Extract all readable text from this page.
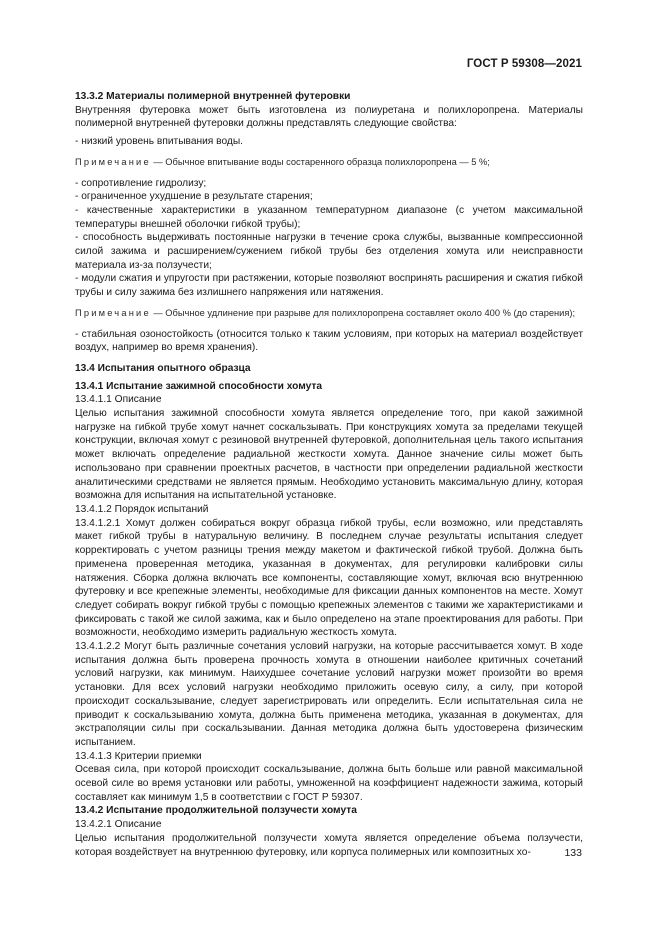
ГОСТ Р 59308—2021

13.3.2 Материалы полимерной внутренней футеровки

Внутренняя футеровка может быть изготовлена из полиуретана и полихлоропрена. Материалы полимерной внутренней футеровки должны представлять следующие свойства:

- низкий уровень впитывания воды.

Примечание — Обычное впитывание воды состаренного образца полихлоропрена — 5 %;

- сопротивление гидролизу;

- ограниченное ухудшение в результате старения;

- качественные характеристики в указанном температурном диапазоне (с учетом максимальной температуры внешней оболочки гибкой трубы);

- способность выдерживать постоянные нагрузки в течение срока службы, вызванные компрессионной силой зажима и расширением/сужением гибкой трубы без отделения хомута или неисправности материала из-за ползучести;

- модули сжатия и упругости при растяжении, которые позволяют воспринять расширения и сжатия гибкой трубы и силу зажима без излишнего напряжения или натяжения.

Примечание — Обычное удлинение при разрыве для полихлоропрена составляет около 400 % (до старения);

- стабильная озоностойкость (относится только к таким условиям, при которых на материал воздействует воздух, например во время хранения).

13.4 Испытания опытного образца

13.4.1 Испытание зажимной способности хомута

13.4.1.1 Описание

Целью испытания зажимной способности хомута является определение того, при какой зажимной нагрузке на гибкой трубе хомут начнет соскальзывать. При конструкциях хомута за пределами текущей конструкции, включая хомут с резиновой внутренней футеровкой, дополнительная цель такого испытания может включать определение радиальной жесткости хомута. Данное значение силы может быть использовано при сравнении проектных расчетов, в частности при определении радиальной жесткости аналитическими средствами не является прямым. Необходимо установить максимальную длину, которая возможна для испытания на испытательной установке.

13.4.1.2 Порядок испытаний

13.4.1.2.1 Хомут должен собираться вокруг образца гибкой трубы, если возможно, или представлять макет гибкой трубы в натуральную величину. В последнем случае результаты испытания следует корректировать с учетом разницы трения между макетом и фактической гибкой трубой. Должна быть применена проверенная методика, указанная в документах, для регулировки калибровки силы натяжения. Сборка должна включать все компоненты, составляющие хомут, включая всю внутреннюю футеровку и все крепежные элементы, необходимые для фиксации данных компонентов на месте. Хомут следует собирать вокруг гибкой трубы с помощью крепежных элементов с такими же характеристиками и фиксировать с такой же силой зажима, как и было определено на этапе проектирования для работы. При возможности, необходимо измерить радиальную жесткость хомута.

13.4.1.2.2 Могут быть различные сочетания условий нагрузки, на которые рассчитывается хомут. В ходе испытания должна быть проверена прочность хомута в отношении наиболее критичных сочетаний условий нагрузки, как минимум. Наихудшее сочетание условий нагрузки может произойти во время установки. Для всех условий нагрузки необходимо приложить осевую силу, а силу, при которой происходит соскальзывание, следует зарегистрировать или определить. Если испытательная сила не приводит к соскальзыванию хомута, должна быть применена методика, указанная в документах, для экстраполяции силы при соскальзывании. Данная методика должна быть удостоверена физическим испытанием.

13.4.1.3 Критерии приемки

Осевая сила, при которой происходит соскальзывание, должна быть больше или равной максимальной осевой силе во время установки или работы, умноженной на коэффициент надежности зажима, который составляет как минимум 1,5 в соответствии с ГОСТ Р 59307.

13.4.2 Испытание продолжительной ползучести хомута

13.4.2.1 Описание

Целью испытания продолжительной ползучести хомута является определение объема ползучести, которая воздействует на внутреннюю футеровку, или корпуса полимерных или композитных хо-	133
